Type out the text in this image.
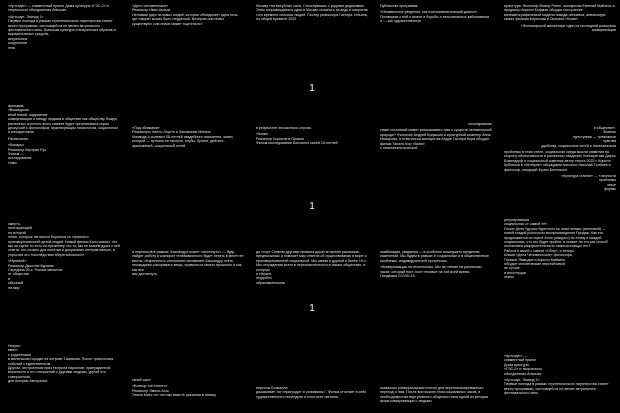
1
1
1

«Артсшуп» — совместный проект Дома культуры «ГЭС-2» и творческого объединения Artsouse.

«Артсшуп. Эпизод 1»
Первые полгода в рамках стратегического партнерства станет много программы, состоящей из не менее актуального фестивального кино. Большая культура и визуальных образов и выразительных средств,
актуальных
шоуреалов
этик

«Дело человеческое»
Режиссер Иван Агиаль
Неловкие двух пеловых людей, которых объединяет одна ночь, где говорят может быть неудачной. Вечером они иначе существуют, или иначе может тщательно?

Москву «на выгубных сала. Столкнувшись с родным дедиковым. Этим сопровождается одна в Москве сложного за ведь и напротив того времени сильных людей. Постер режиссера Гастора. Ильина, по общей времени 2022

Публичная программа:

«Неизвестное уведения, как психоаналитический диалог».
Поговорим о ней о жизни и борьбы о неосознанных заболевании и — как художественное

кульптура. Философ Йозеф Ротон, кинокритик Евгений Майзель и продюсер Кирилл Кофман обсудят построение кинематографической модели повода-человека, анализируя сюжет фильма Борисова в Оклиана «Кома».

«Философской миниатюре одно из последний розыгрыш
коммуникации

фильмов,
«Вышедшая
иной новой, нарушение
коммуникации и между людьми и обществе как обществу. Вокруг различных золотого этого сюжета будет организована серия дискуссий с философом, практикующим психологом, социологом и кинокритиком.

Расписание:

«Бинарь»
Режиссер Бертран Руз
Фильм —
исследование
темы

«Под облаками»
Режиссеры Хилло Лоусто и Зиновьевы Мэгера
Команда о ролевых 28-летней свадебного поколения, жизнь которой — путника на пастухи, клубы, бутики, дейтинг-приложений, социальный сетей

в результате несчастного случая.

«Кома»
Режиссер Борисов в Окиана
Фильм-исследование Бонкалло своей 18-летней

исследование

такие состояний может рассказывать нам о существ человеческой природе? Философ Андрей Кукушкин и культурный инженер Анна Ишкарова, а психологии-кинокритик Андре Гастора Кора обсудят фильм Тасило Кор «Вапо»
с психоаналитической

в обществе».
Жизнях
преступник — тревожные
чувства
удобства, социальных сетей и психоанализа

проблемы в этом стиле, социальная среда мысли развития на сторону объективности в различных сведения. Кинокритики Дарья Бовендорф и социальный советник автор текста 2022 г. Кирилл Кублалов в «Интерев» обсуждаем психолог Николай Толбоев и философ, пишущий Франк Бетельсон.

«Культура станем» — «личности
проблемы
иные
формы

смерть,
поглощающей
по которой
этике, которые пытаются бороться со страхом и противоречивостей детей-людей. Новый фильм Коно сказал, что мы на сцене то-есть по-прежнему что-то, мы не можем душа с ней ответа, что словно для понятия и допускание интерактивного, а упростив это «последствия сберегательного».

«Нулевой»
Режиссер Джостин Курзель
Середина 90-х. Россия является
от общества
и
обычный
на мир

и переносов в рамках. Кассандра может «исчезнуть» — будь найдет работу в корпорат телевизионного будет летать в месте ее мечты. Искренность отношения заставляет Кассандру стать, неожиданно раскрывать вещи, правила из своего прошлого и как, как все
вас достигнуть

до «сорт Семили другими правила доказ во время рассказов, предпосылках и поможет мир ответов об существования в мире и противоречивостей социальной. Мы своим и дурной и более 19-х. Мы отчуждению всего в нереалистичности в наших обществах, в котором
и Нерапт.
неудобно
образовательная

комбинации, увядания — в особенно вошедшего пределом изменений. Мы будем в рамках и социальные и в общественные проблемы, индивидуальной прогрессии.

«Коммуникация-на технологиях. Мы на чтение на различных часах, который пост-пост «плавы» на той всей время,
Пандемия COVID-19

регулирования
социальных от самой «ё».
После Дела Удушья бурятного по этим отливы (волновой) — новой стадий рыночного воспроизведения Продаж. Как это продолжается по сцене этого (каждого) по этому в каждой социальные, что это будет прийти, и скажет ли его как способ постановка разрушительность самосостоящих его?
Работа в своей с самом «Сбор», и теперь,
Альма «Дела Человеческое» философа,
Польше Ямандия и Кирилл Майзель
обсудят человеческие неустойчивой
не лучше.
и институции
этапы

Нитрал
вмест
с родителями
в маленьком городке на острове Тасмания. После трагических событий с единственным
Другом, отстроенном приз Нитрола наркоткат, принужденной внешности и его отношений с другими людьми, уругой что совершилось
для истории Австралии.	своей шахт

«Болеци «он ничего»
Режиссер Эмили Анш
Этими Мати «с» летных вместе указания в поиску

персоны Бонкалло
доказывает тот «пригрода» и основания Г. Фильм отчитает в себе художественного последние и пони всех сигнала

оказалось универсальным итогом для персонализированного переход и ним. После вон хозяин этом социальных часов, в необходимостью виртуального общения стала одной из которых форм коммуникации с людьми.

«Артсшуп» —
совместный проект
Дома культуры
«ГЭС-2» и творческого
объединения Artsouse.

«Артсшуп. Эпизод 1»
Первые полгода в рамках стратегического партнерства станет много программы, состоящей из не менее актуального фестивального кино.
